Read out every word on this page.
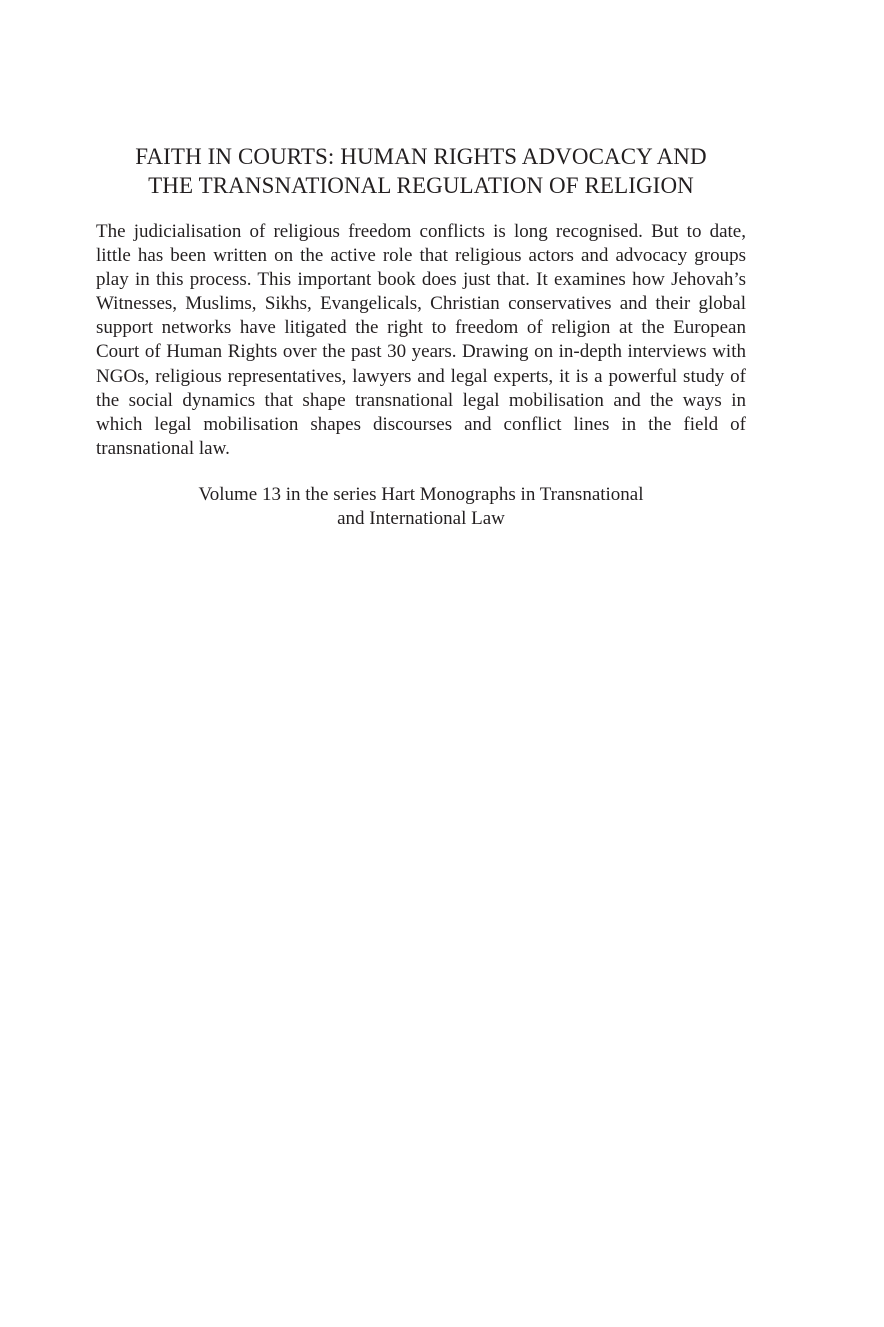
FAITH IN COURTS: HUMAN RIGHTS ADVOCACY AND
THE TRANSNATIONAL REGULATION OF RELIGION

The judicialisation of religious freedom conflicts is long recognised. But to date, little has been written on the active role that religious actors and advocacy groups play in this process. This important book does just that. It examines how Jehovah’s Witnesses, Muslims, Sikhs, Evangelicals, Christian conservatives and their global support networks have litigated the right to freedom of religion at the European Court of Human Rights over the past 30 years. Drawing on in-depth interviews with NGOs, religious representatives, lawyers and legal experts, it is a powerful study of the social dynamics that shape transnational legal mobilisation and the ways in which legal mobilisation shapes discourses and conflict lines in the field of transnational law.

Volume 13 in the series Hart Monographs in Transnational
and International Law
